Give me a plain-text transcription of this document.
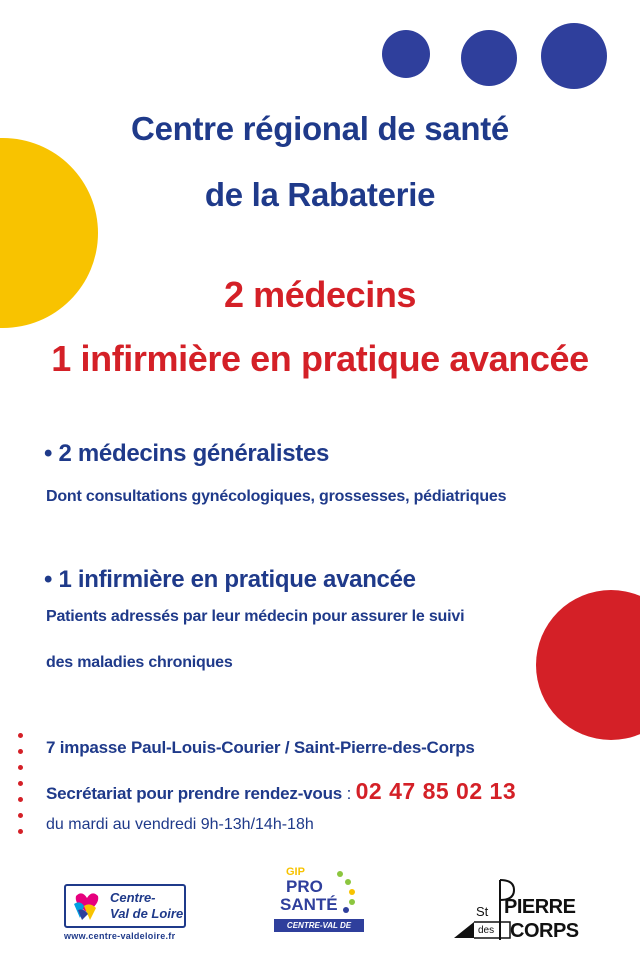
Centre régional de santé
de la Rabaterie
2 médecins
1 infirmière en pratique avancée
• 2 médecins généralistes
Dont consultations gynécologiques, grossesses, pédiatriques
• 1 infirmière en pratique avancée
Patients adressés par leur médecin pour assurer le suivi
des maladies chroniques
7 impasse Paul-Louis-Courier / Saint-Pierre-des-Corps
Secrétariat pour prendre rendez-vous : 02 47 85 02 13
du mardi au vendredi 9h-13h/14h-18h
Centre-
Val de Loire
www.centre-valdeloire.fr
GIP
PRO
SANTÉ
CENTRE-VAL DE LOIRE
St PIERRE
des CORPS
